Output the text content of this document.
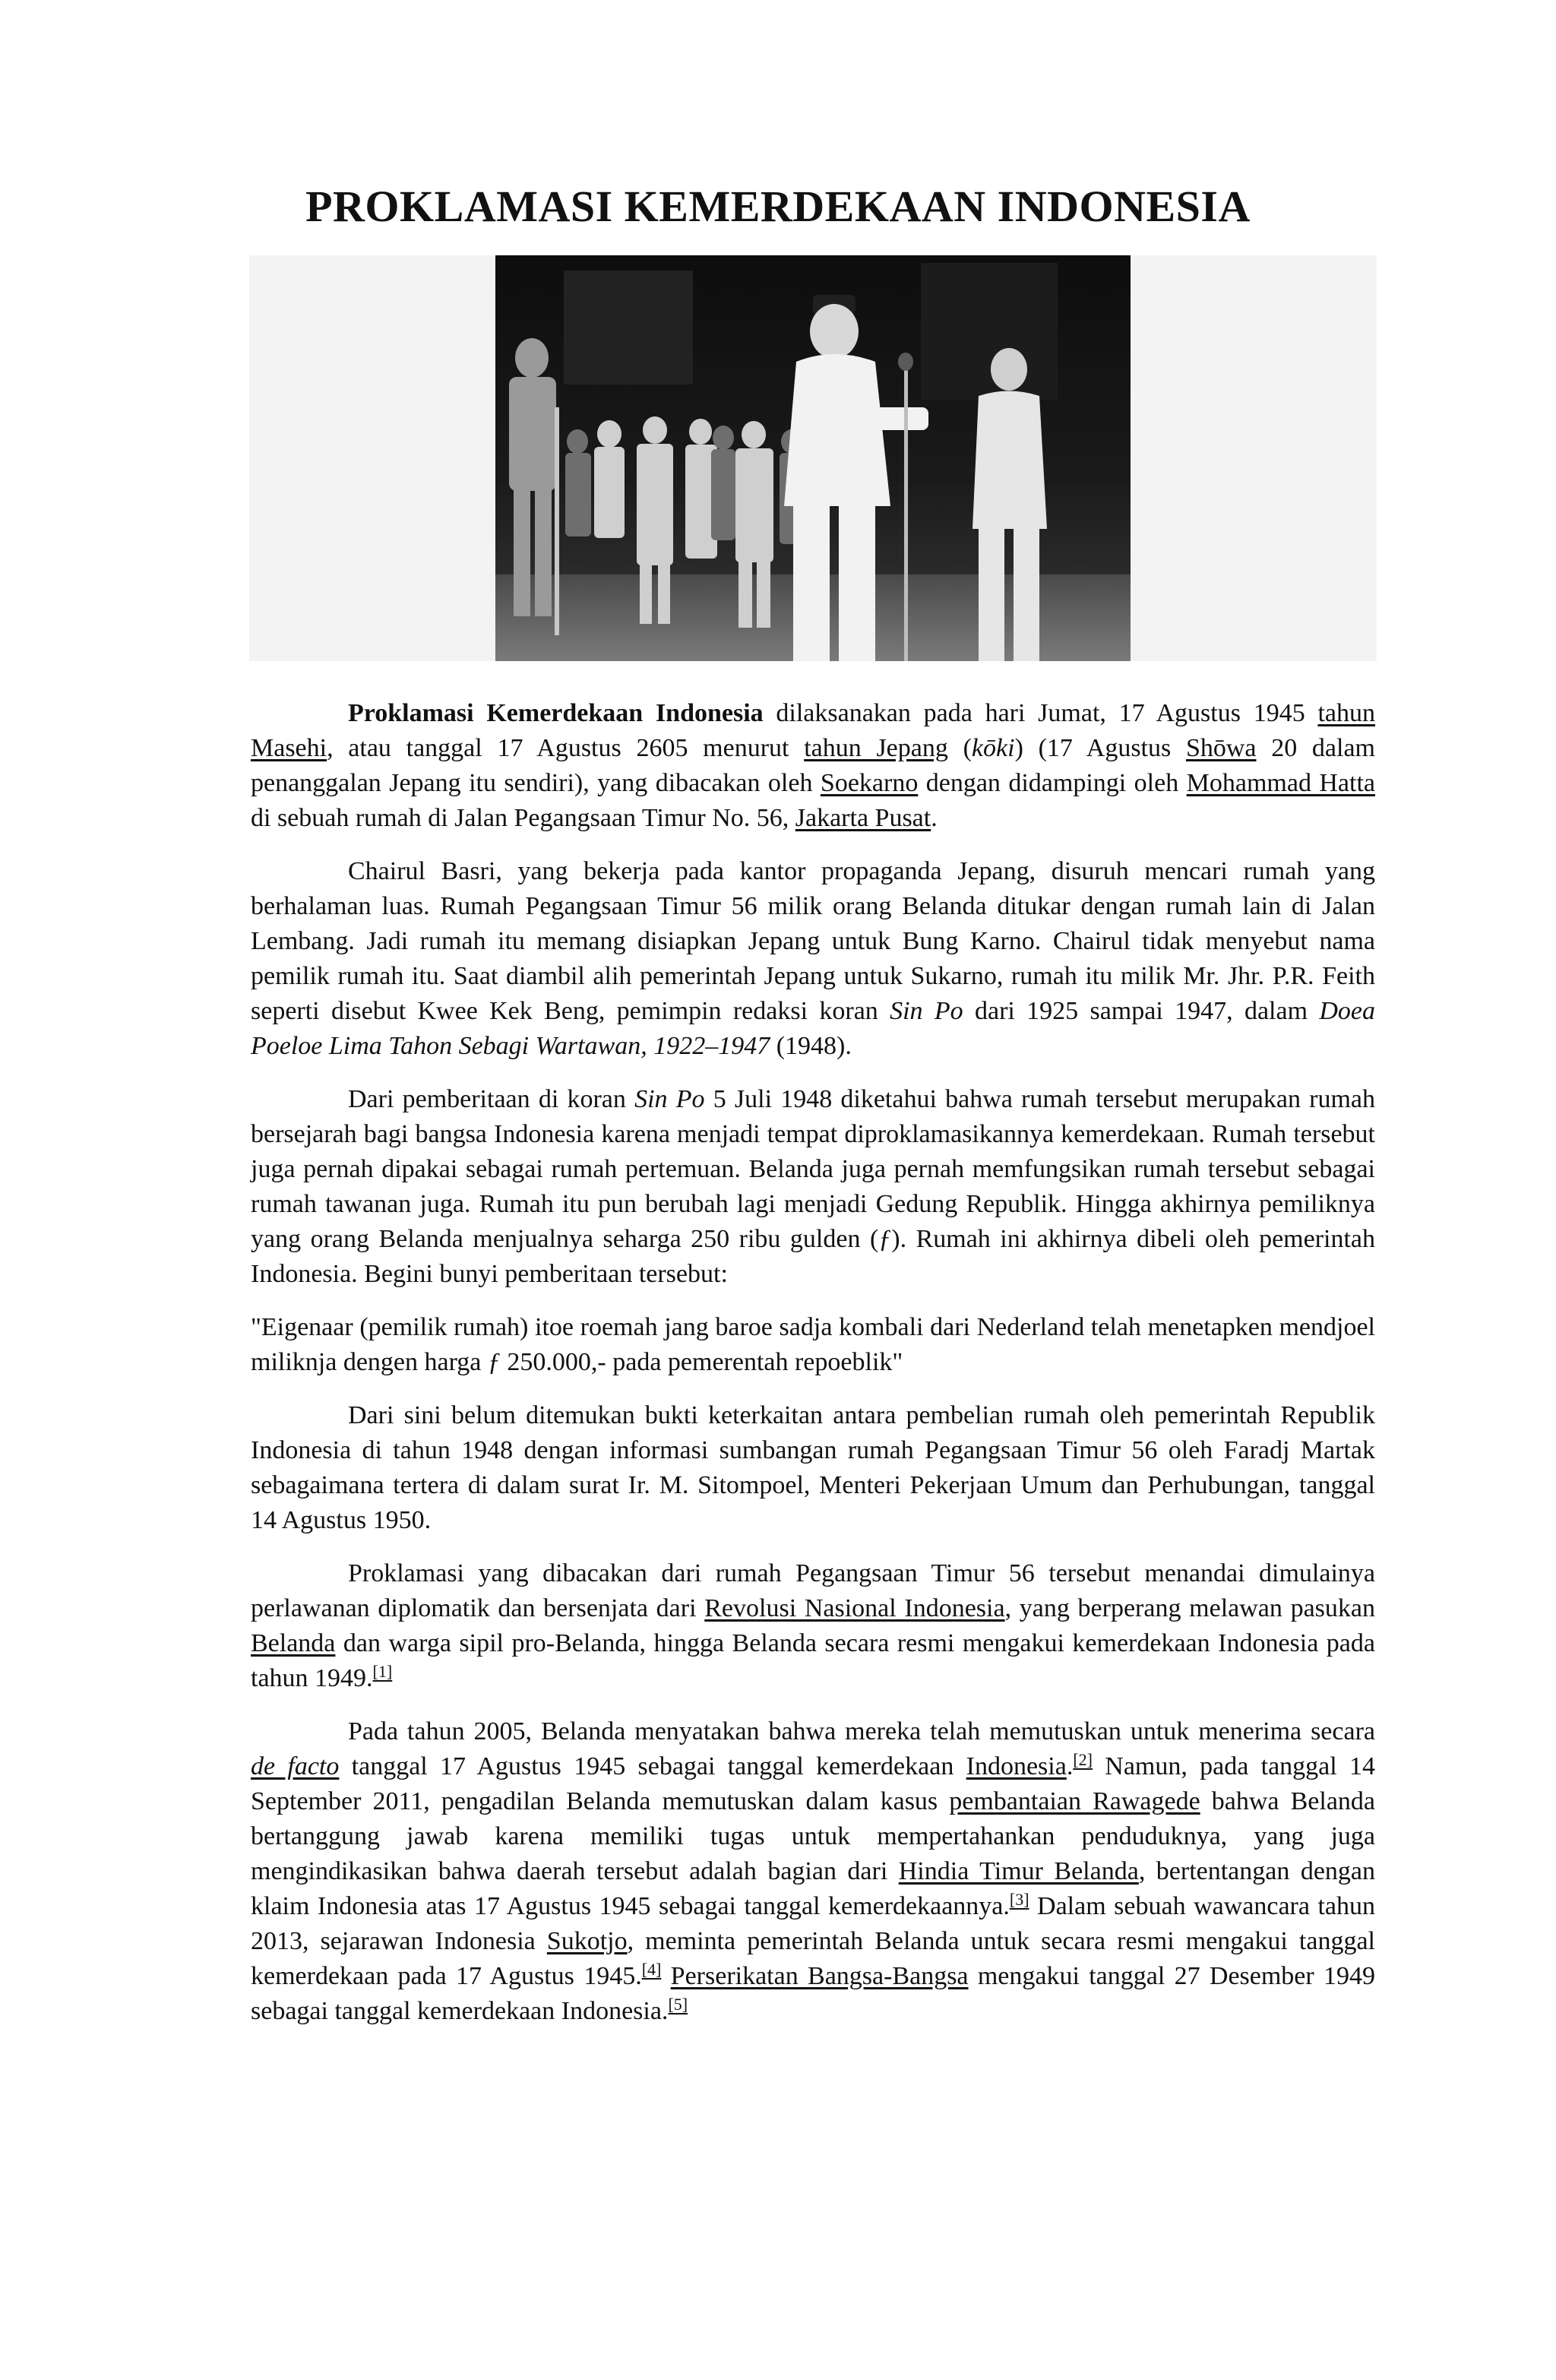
PROKLAMASI KEMERDEKAAN INDONESIA

Proklamasi Kemerdekaan Indonesia dilaksanakan pada hari Jumat, 17 Agustus 1945 tahun Masehi, atau tanggal 17 Agustus 2605 menurut tahun Jepang (kōki) (17 Agustus Shōwa 20 dalam penanggalan Jepang itu sendiri), yang dibacakan oleh Soekarno dengan didampingi oleh Mohammad Hatta di sebuah rumah di Jalan Pegangsaan Timur No. 56, Jakarta Pusat.

Chairul Basri, yang bekerja pada kantor propaganda Jepang, disuruh mencari rumah yang berhalaman luas. Rumah Pegangsaan Timur 56 milik orang Belanda ditukar dengan rumah lain di Jalan Lembang. Jadi rumah itu memang disiapkan Jepang untuk Bung Karno. Chairul tidak menyebut nama pemilik rumah itu. Saat diambil alih pemerintah Jepang untuk Sukarno, rumah itu milik Mr. Jhr. P.R. Feith seperti disebut Kwee Kek Beng, pemimpin redaksi koran Sin Po dari 1925 sampai 1947, dalam Doea Poeloe Lima Tahon Sebagi Wartawan, 1922–1947 (1948).

Dari pemberitaan di koran Sin Po 5 Juli 1948 diketahui bahwa rumah tersebut merupakan rumah bersejarah bagi bangsa Indonesia karena menjadi tempat diproklamasikannya kemerdekaan. Rumah tersebut juga pernah dipakai sebagai rumah pertemuan. Belanda juga pernah memfungsikan rumah tersebut sebagai rumah tawanan juga. Rumah itu pun berubah lagi menjadi Gedung Republik. Hingga akhirnya pemiliknya yang orang Belanda menjualnya seharga 250 ribu gulden (ƒ). Rumah ini akhirnya dibeli oleh pemerintah Indonesia. Begini bunyi pemberitaan tersebut:

"Eigenaar (pemilik rumah) itoe roemah jang baroe sadja kombali dari Nederland telah menetapken mendjoel miliknja dengen harga ƒ 250.000,- pada pemerentah repoeblik"

Dari sini belum ditemukan bukti keterkaitan antara pembelian rumah oleh pemerintah Republik Indonesia di tahun 1948 dengan informasi sumbangan rumah Pegangsaan Timur 56 oleh Faradj Martak sebagaimana tertera di dalam surat Ir. M. Sitompoel, Menteri Pekerjaan Umum dan Perhubungan, tanggal 14 Agustus 1950.

Proklamasi yang dibacakan dari rumah Pegangsaan Timur 56 tersebut menandai dimulainya perlawanan diplomatik dan bersenjata dari Revolusi Nasional Indonesia, yang berperang melawan pasukan Belanda dan warga sipil pro-Belanda, hingga Belanda secara resmi mengakui kemerdekaan Indonesia pada tahun 1949.[1]

Pada tahun 2005, Belanda menyatakan bahwa mereka telah memutuskan untuk menerima secara de facto tanggal 17 Agustus 1945 sebagai tanggal kemerdekaan Indonesia.[2] Namun, pada tanggal 14 September 2011, pengadilan Belanda memutuskan dalam kasus pembantaian Rawagede bahwa Belanda bertanggung jawab karena memiliki tugas untuk mempertahankan penduduknya, yang juga mengindikasikan bahwa daerah tersebut adalah bagian dari Hindia Timur Belanda, bertentangan dengan klaim Indonesia atas 17 Agustus 1945 sebagai tanggal kemerdekaannya.[3] Dalam sebuah wawancara tahun 2013, sejarawan Indonesia Sukotjo, meminta pemerintah Belanda untuk secara resmi mengakui tanggal kemerdekaan pada 17 Agustus 1945.[4] Perserikatan Bangsa-Bangsa mengakui tanggal 27 Desember 1949 sebagai tanggal kemerdekaan Indonesia.[5]
